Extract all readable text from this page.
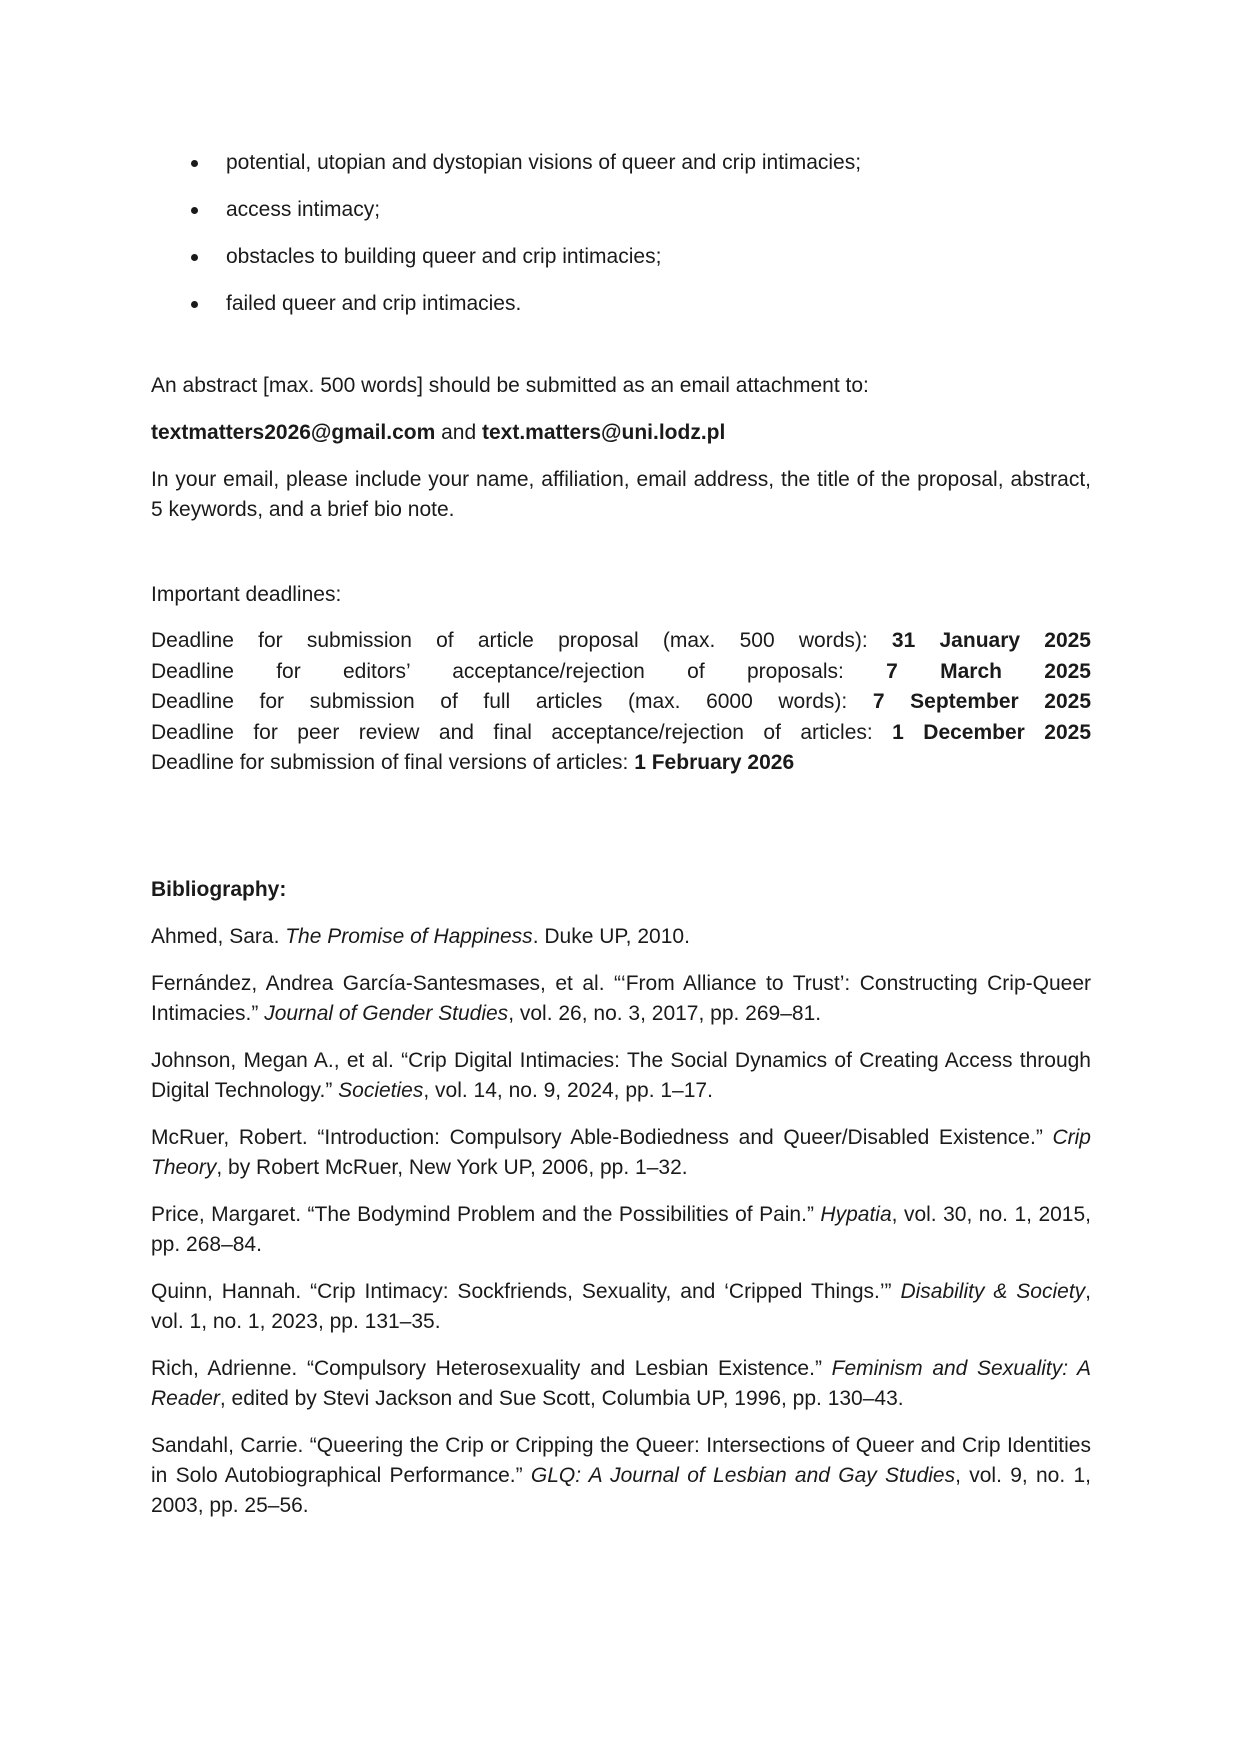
potential, utopian and dystopian visions of queer and crip intimacies;
access intimacy;
obstacles to building queer and crip intimacies;
failed queer and crip intimacies.

An abstract [max. 500 words] should be submitted as an email attachment to:

textmatters2026@gmail.com and text.matters@uni.lodz.pl

In your email, please include your name, affiliation, email address, the title of the proposal, abstract, 5 keywords, and a brief bio note.

Important deadlines:

Deadline for submission of article proposal (max. 500 words): 31 January 2025
Deadline for editors’ acceptance/rejection of proposals: 7 March 2025
Deadline for submission of full articles (max. 6000 words): 7 September 2025
Deadline for peer review and final acceptance/rejection of articles: 1 December 2025
Deadline for submission of final versions of articles: 1 February 2026

Bibliography:

Ahmed, Sara. The Promise of Happiness. Duke UP, 2010.

Fernández, Andrea García-Santesmases, et al. “‘From Alliance to Trust’: Constructing Crip-Queer Intimacies.” Journal of Gender Studies, vol. 26, no. 3, 2017, pp. 269–81.

Johnson, Megan A., et al. “Crip Digital Intimacies: The Social Dynamics of Creating Access through Digital Technology.” Societies, vol. 14, no. 9, 2024, pp. 1–17.

McRuer, Robert. “Introduction: Compulsory Able-Bodiedness and Queer/Disabled Existence.” Crip Theory, by Robert McRuer, New York UP, 2006, pp. 1–32.

Price, Margaret. “The Bodymind Problem and the Possibilities of Pain.” Hypatia, vol. 30, no. 1, 2015, pp. 268–84.

Quinn, Hannah. “Crip Intimacy: Sockfriends, Sexuality, and ‘Cripped Things.’” Disability & Society, vol. 1, no. 1, 2023, pp. 131–35.

Rich, Adrienne. “Compulsory Heterosexuality and Lesbian Existence.” Feminism and Sexuality: A Reader, edited by Stevi Jackson and Sue Scott, Columbia UP, 1996, pp. 130–43.

Sandahl, Carrie. “Queering the Crip or Cripping the Queer: Intersections of Queer and Crip Identities in Solo Autobiographical Performance.” GLQ: A Journal of Lesbian and Gay Studies, vol. 9, no. 1, 2003, pp. 25–56.
